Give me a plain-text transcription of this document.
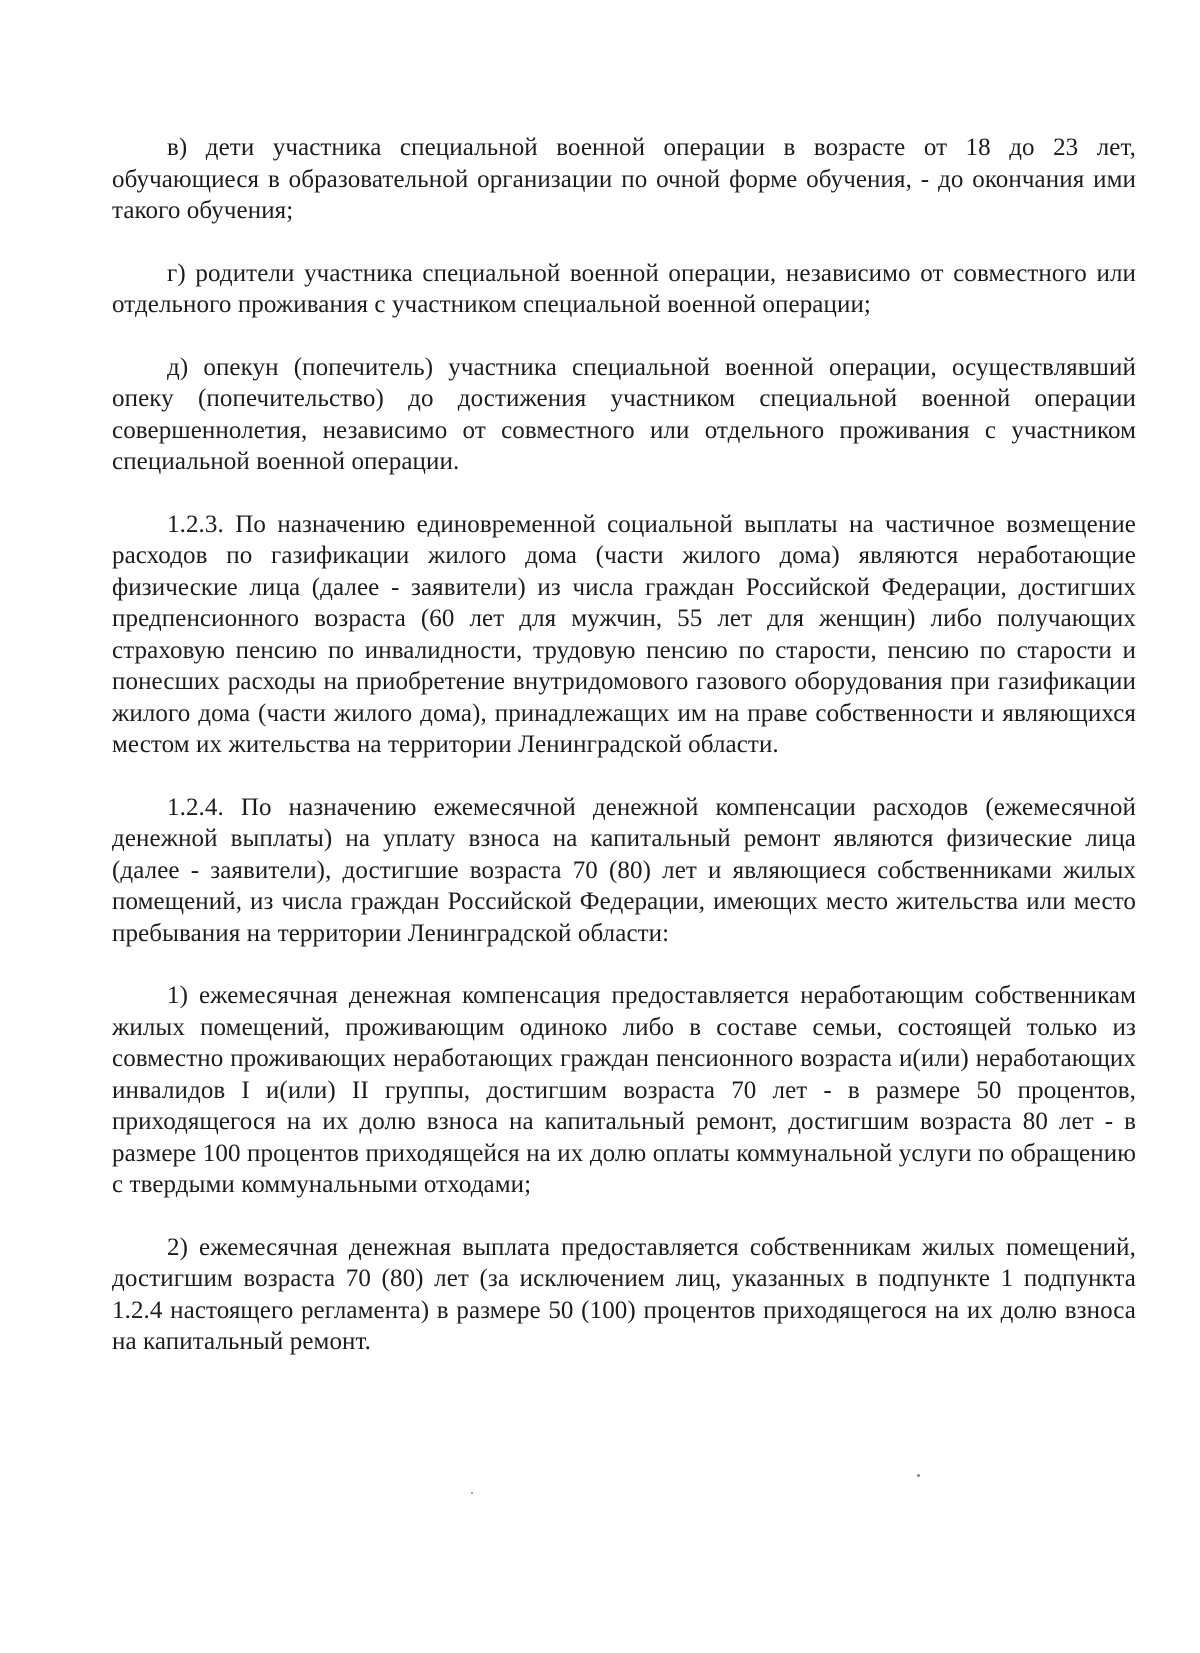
в) дети участника специальной военной операции в возрасте от 18 до 23 лет, обучающиеся в образовательной организации по очной форме обучения, - до окончания ими такого обучения;

г) родители участника специальной военной операции, независимо от совместного или отдельного проживания с участником специальной военной операции;

д) опекун (попечитель) участника специальной военной операции, осуществлявший опеку (попечительство) до достижения участником специальной военной операции совершеннолетия, независимо от совместного или отдельного проживания с участником специальной военной операции.

1.2.3. По назначению единовременной социальной выплаты на частичное возмещение расходов по газификации жилого дома (части жилого дома) являются неработающие физические лица (далее - заявители) из числа граждан Российской Федерации, достигших предпенсионного возраста (60 лет для мужчин, 55 лет для женщин) либо получающих страховую пенсию по инвалидности, трудовую пенсию по старости, пенсию по старости и понесших расходы на приобретение внутридомового газового оборудования при газификации жилого дома (части жилого дома), принадлежащих им на праве собственности и являющихся местом их жительства на территории Ленинградской области.

1.2.4. По назначению ежемесячной денежной компенсации расходов (ежемесячной денежной выплаты) на уплату взноса на капитальный ремонт являются физические лица (далее - заявители), достигшие возраста 70 (80) лет и являющиеся собственниками жилых помещений, из числа граждан Российской Федерации, имеющих место жительства или место пребывания на территории Ленинградской области:

1) ежемесячная денежная компенсация предоставляется неработающим собственникам жилых помещений, проживающим одиноко либо в составе семьи, состоящей только из совместно проживающих неработающих граждан пенсионного возраста и(или) неработающих инвалидов I и(или) II группы, достигшим возраста 70 лет - в размере 50 процентов, приходящегося на их долю взноса на капитальный ремонт, достигшим возраста 80 лет - в размере 100 процентов приходящейся на их долю оплаты коммунальной услуги по обращению с твердыми коммунальными отходами;

2) ежемесячная денежная выплата предоставляется собственникам жилых помещений, достигшим возраста 70 (80) лет (за исключением лиц, указанных в подпункте 1 подпункта 1.2.4 настоящего регламента) в размере 50 (100) процентов приходящегося на их долю взноса на капитальный ремонт.
